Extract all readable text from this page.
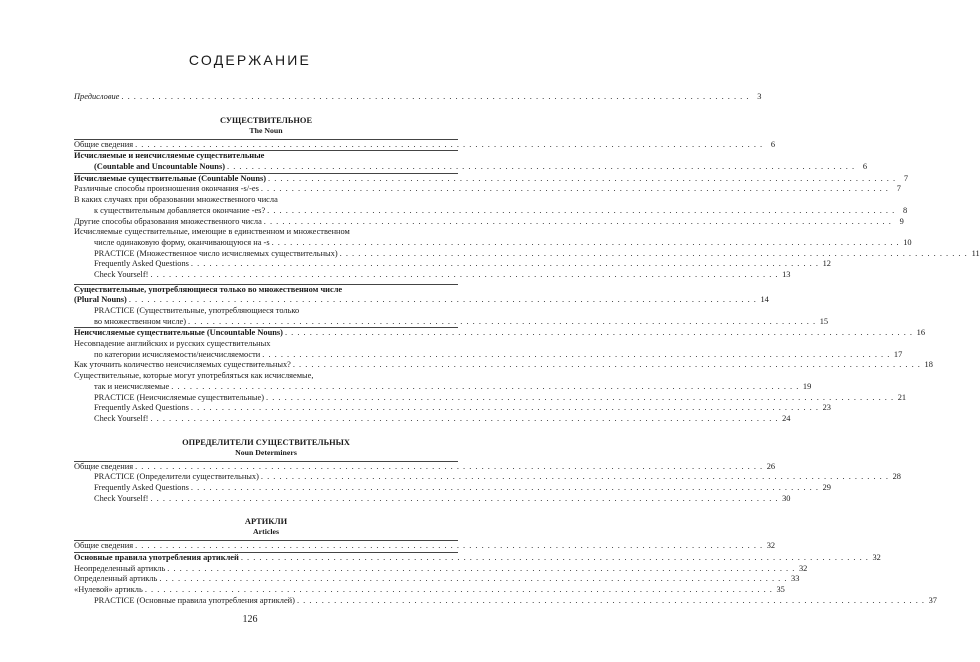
СОДЕРЖАНИЕ
Предисловие . . .	3
СУЩЕСТВИТЕЛЬНОЕ
The Noun
Общие сведения . . .	6
Исчисляемые и неисчисляемые существительные
(Countable and Uncountable Nouns) . . .	6
Исчисляемые существительные (Countable Nouns) . . .	7
Различные способы произношения окончания -s/-es . . .	7
В каких случаях при образовании множественного числа
к существительным добавляется окончание -es? . . .	8
Другие способы образования множественного числа . . .	9
Исчисляемые существительные, имеющие в единственном и множественном
числе одинаковую форму, оканчивающуюся на -s . . .	10
PRACTICE (Множественное число исчисляемых существительных) . . .	11
Frequently Asked Questions . . .	12
Check Yourself! . . .	13
Существительные, употребляющиеся только во множественном числе
(Plural Nouns) . . .	14
PRACTICE (Существительные, употребляющиеся только
во множественном числе) . . .	15
Неисчисляемые существительные (Uncountable Nouns) . . .	16
Несовпадение английских и русских существительных
по категории исчисляемости/неисчисляемости . . .	17
Как уточнить количество неисчисляемых существительных? . . .	18
Существительные, которые могут употребляться как исчисляемые,
так и неисчисляемые . . .	19
PRACTICE (Неисчисляемые существительные) . . .	21
Frequently Asked Questions . . .	23
Check Yourself! . . .	24
ОПРЕДЕЛИТЕЛИ СУЩЕСТВИТЕЛЬНЫХ
Noun Determiners
Общие сведения . . .	26
PRACTICE (Определители существительных) . . .	28
Frequently Asked Questions . . .	29
Check Yourself! . . .	30
АРТИКЛИ
Articles
Общие сведения . . .	32
Основные правила употребления артиклей . . .	32
Неопределенный артикль . . .	32
Определенный артикль . . .	33
«Нулевой» артикль . . .	35
PRACTICE (Основные правила употребления артиклей) . . .	37
126
